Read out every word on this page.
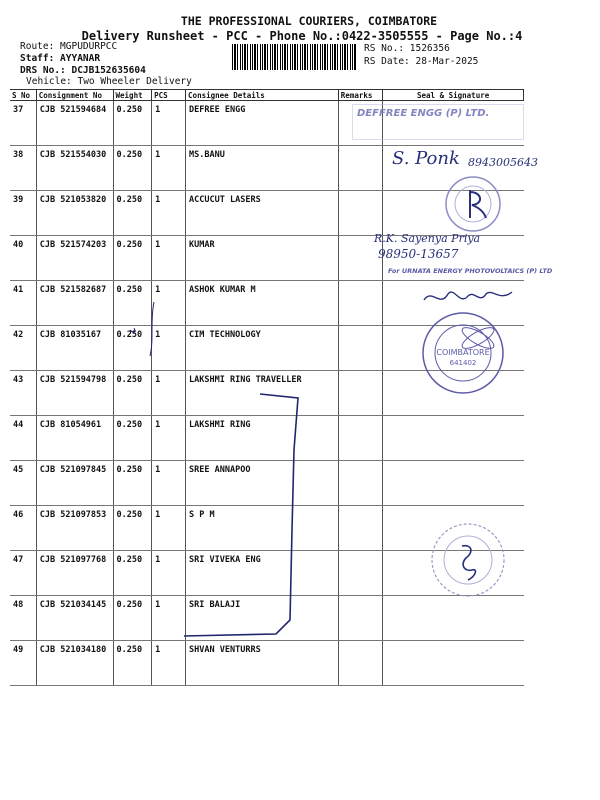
THE PROFESSIONAL COURIERS, COIMBATORE
Delivery Runsheet - PCC - Phone No.:0422-3505555 - Page No.:4
Route: MGPUDURPCC
Staff: AYYANAR
DRS No.: DCJB152635604
Vehicle: Two Wheeler Delivery
RS No.: 1526356
RS Date: 28-Mar-2025
S No	Consignment No	Weight	PCS	Consignee Details	Remarks	Seal & Signature
37	CJB 521594684	0.250	1	DEFREE ENGG		
38	CJB 521554030	0.250	1	MS.BANU		
39	CJB 521053820	0.250	1	ACCUCUT LASERS		
40	CJB 521574203	0.250	1	KUMAR		
41	CJB 521582687	0.250	1	ASHOK KUMAR M		
42	CJB 81035167	0.250	1	CIM TECHNOLOGY		
43	CJB 521594798	0.250	1	LAKSHMI RING TRAVELLER		
44	CJB 81054961	0.250	1	LAKSHMI RING		
45	CJB 521097845	0.250	1	SREE ANNAPOO		
46	CJB 521097853	0.250	1	S P M		
47	CJB 521097768	0.250	1	SRI VIVEKA ENG		
48	CJB 521034145	0.250	1	SRI BALAJI		
49	CJB 521034180	0.250	1	SHVAN VENTURRS		
DEFFREE ENGG (P) LTD.
S. Ponk 8943005643
R.K. Sayenya Priya
98950-13657
For URNATA ENERGY PHOTOVOLTAICS (P) LTD
COIMBATORE
641402
